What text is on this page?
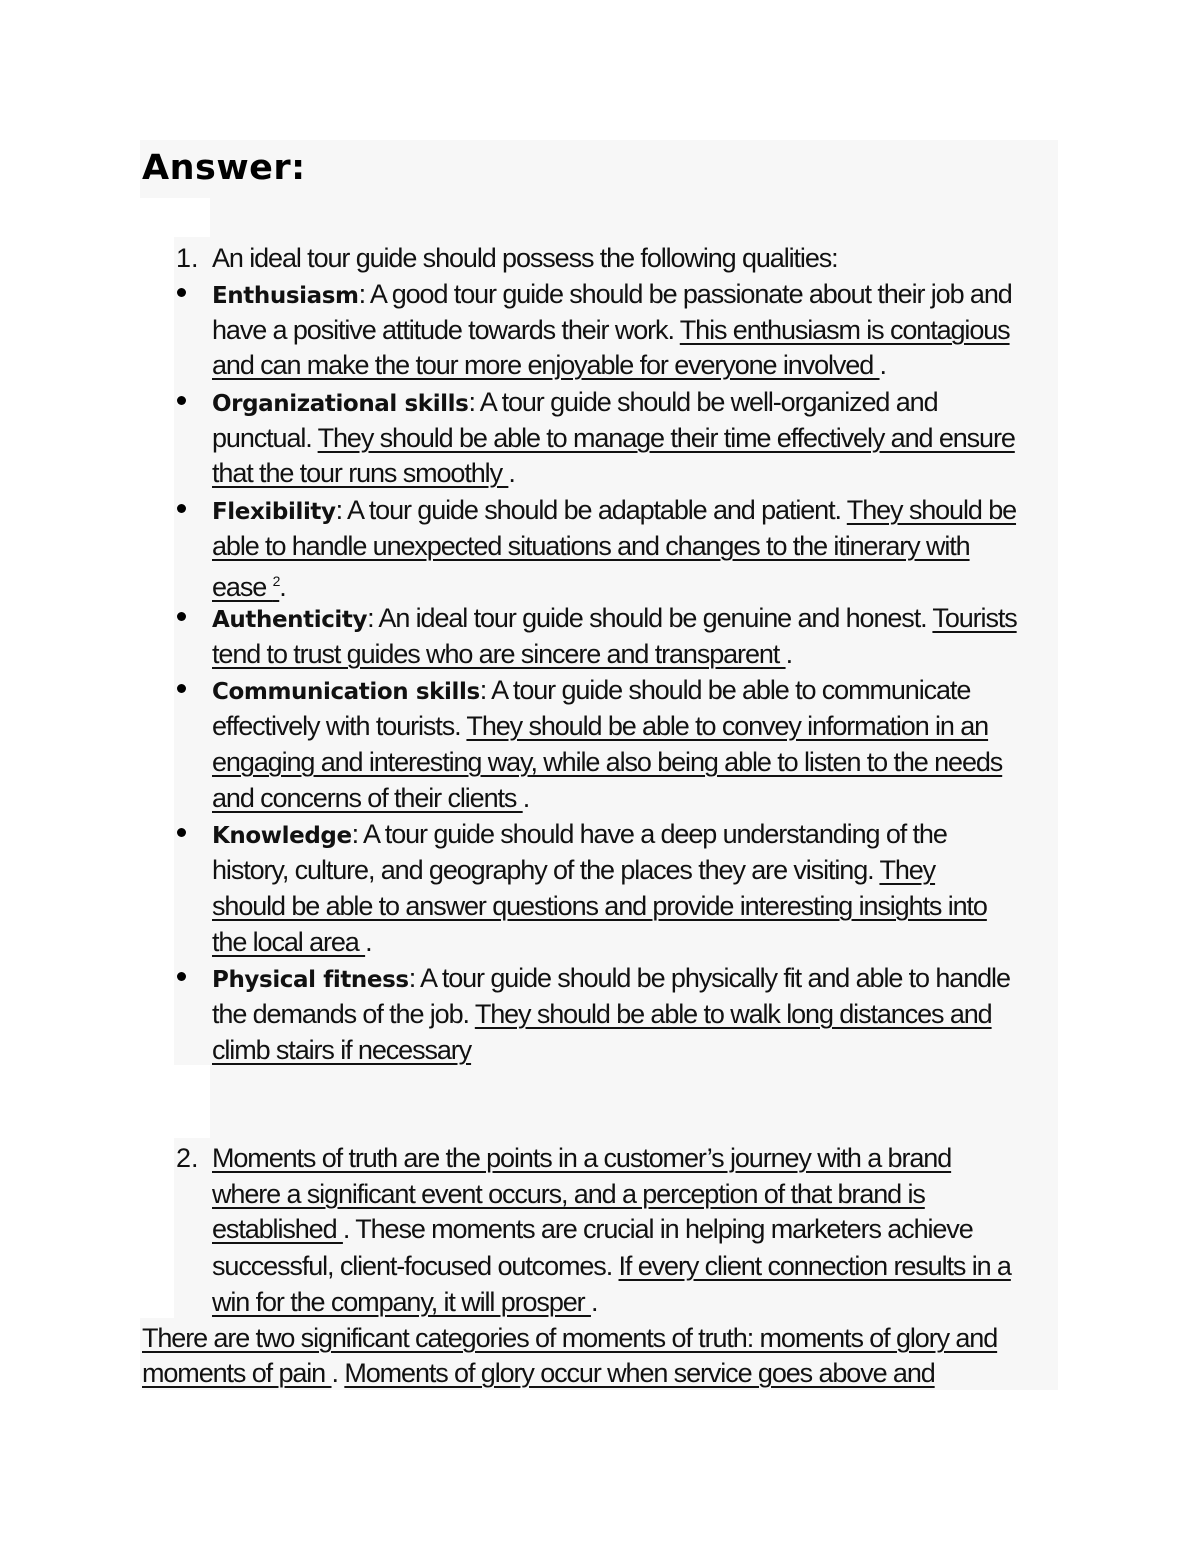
Answer:
1. An ideal tour guide should possess the following qualities:
Enthusiasm: A good tour guide should be passionate about their job and
have a positive attitude towards their work. This enthusiasm is contagious
and can make the tour more enjoyable for everyone involved .
Organizational skills: A tour guide should be well-organized and
punctual. They should be able to manage their time effectively and ensure
that the tour runs smoothly .
Flexibility: A tour guide should be adaptable and patient. They should be
able to handle unexpected situations and changes to the itinerary with
ease $^2$.
Authenticity: An ideal tour guide should be genuine and honest. Tourists
tend to trust guides who are sincere and transparent .
Communication skills: A tour guide should be able to communicate
effectively with tourists. They should be able to convey information in an
engaging and interesting way, while also being able to listen to the needs
and concerns of their clients .
Knowledge: A tour guide should have a deep understanding of the
history, culture, and geography of the places they are visiting. They
should be able to answer questions and provide interesting insights into
the local area .
Physical fitness: A tour guide should be physically fit and able to handle
the demands of the job. They should be able to walk long distances and
climb stairs if necessary
2. Moments of truth are the points in a customer’s journey with a brand
where a significant event occurs, and a perception of that brand is
established . These moments are crucial in helping marketers achieve
successful, client-focused outcomes. If every client connection results in a
win for the company, it will prosper .
There are two significant categories of moments of truth: moments of glory and
moments of pain . Moments of glory occur when service goes above and
